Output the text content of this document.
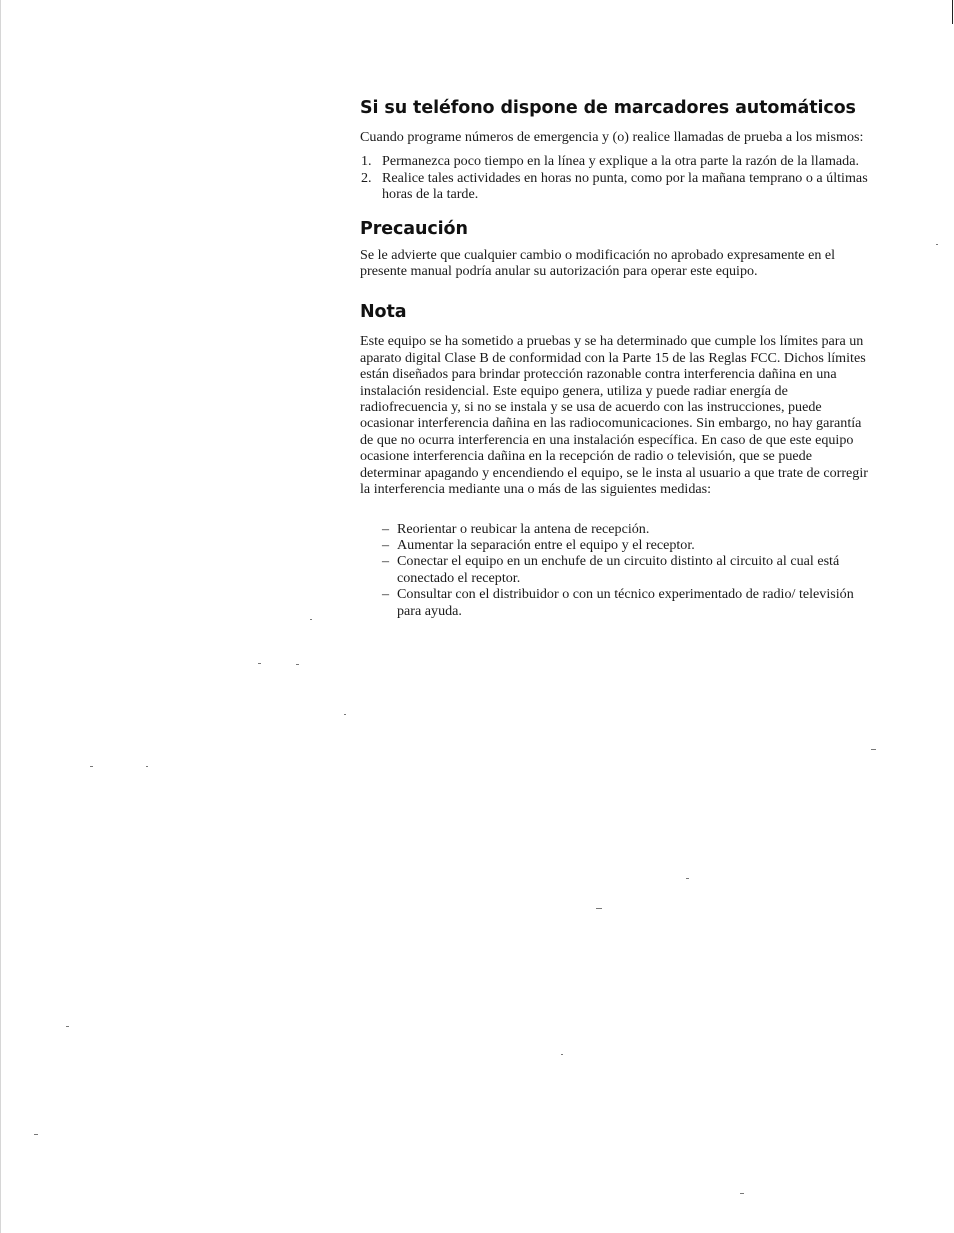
Si su teléfono dispone de marcadores automáticos

Cuando programe números de emergencia y (o) realice llamadas de prueba a los mismos:

1. Permanezca poco tiempo en la línea y explique a la otra parte la razón de la llamada.
2. Realice tales actividades en horas no punta, como por la mañana temprano o a últimas horas de la tarde.
Precaución

Se le advierte que cualquier cambio o modificación no aprobado expresamente en el presente manual podría anular su autorización para operar este equipo.

Nota

Este equipo se ha sometido a pruebas y se ha determinado que cumple los límites para un aparato digital Clase B de conformidad con la Parte 15 de las Reglas FCC. Dichos límites están diseñados para brindar protección razonable contra interferencia dañina en una instalación residencial. Este equipo genera, utiliza y puede radiar energía de radiofrecuencia y, si no se instala y se usa de acuerdo con las instrucciones, puede ocasionar interferencia dañina en las radiocomunicaciones. Sin embargo, no hay garantía de que no ocurra interferencia en una instalación específica. En caso de que este equipo ocasione interferencia dañina en la recepción de radio o televisión, que se puede determinar apagando y encendiendo el equipo, se le insta al usuario a que trate de corregir la interferencia mediante una o más de las siguientes medidas:

– Reorientar o reubicar la antena de recepción.
– Aumentar la separación entre el equipo y el receptor.
– Conectar el equipo en un enchufe de un circuito distinto al circuito al cual está conectado el receptor.
– Consultar con el distribuidor o con un técnico experimentado de radio/ televisión para ayuda.
